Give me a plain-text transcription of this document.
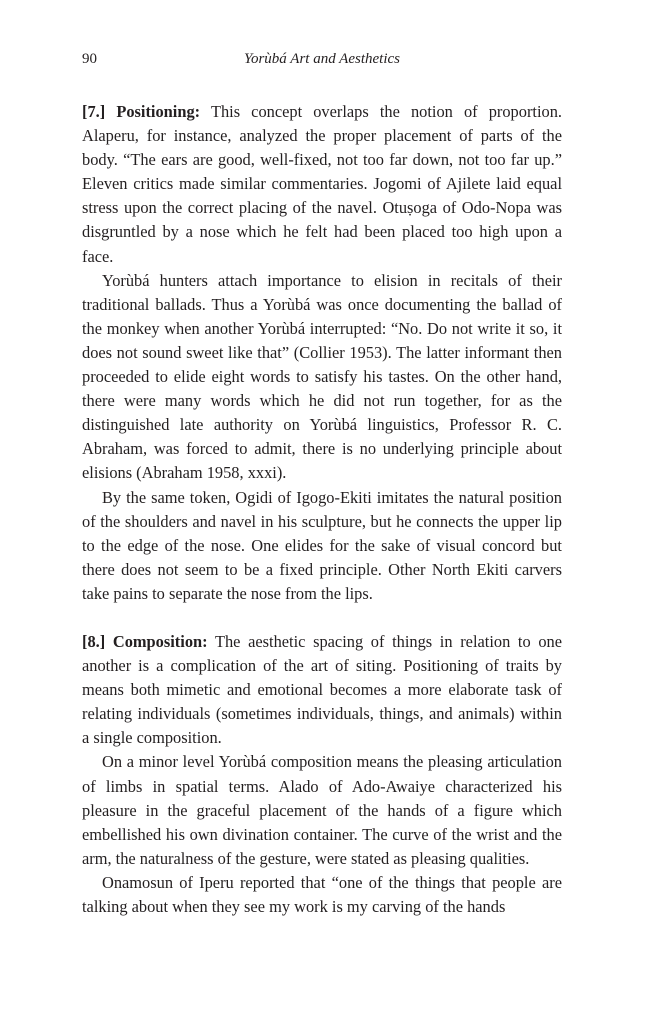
90	Yorùbá Art and Aesthetics

[7.] Positioning: This concept overlaps the notion of proportion. Alaperu, for instance, analyzed the proper placement of parts of the body. “The ears are good, well-fixed, not too far down, not too far up.” Eleven critics made similar commentaries. Jogomi of Ajilete laid equal stress upon the correct placing of the navel. Otuṣoga of Odo-Nopa was disgruntled by a nose which he felt had been placed too high upon a face.

Yorùbá hunters attach importance to elision in recitals of their traditional ballads. Thus a Yorùbá was once documenting the ballad of the monkey when another Yorùbá interrupted: “No. Do not write it so, it does not sound sweet like that” (Collier 1953). The latter informant then proceeded to elide eight words to satisfy his tastes. On the other hand, there were many words which he did not run together, for as the distinguished late authority on Yorùbá linguistics, Professor R. C. Abraham, was forced to admit, there is no underlying principle about elisions (Abraham 1958, xxxi).

By the same token, Ogidi of Igogo-Ekiti imitates the natural position of the shoulders and navel in his sculpture, but he connects the upper lip to the edge of the nose. One elides for the sake of visual concord but there does not seem to be a fixed principle. Other North Ekiti carvers take pains to separate the nose from the lips.

[8.] Composition: The aesthetic spacing of things in relation to one another is a complication of the art of siting. Positioning of traits by means both mimetic and emotional becomes a more elaborate task of relating individuals (sometimes individuals, things, and animals) within a single composition.

On a minor level Yorùbá composition means the pleasing articulation of limbs in spatial terms. Alado of Ado-Awaiye characterized his pleasure in the graceful placement of the hands of a figure which embellished his own divination container. The curve of the wrist and the arm, the naturalness of the gesture, were stated as pleasing qualities.

Onamosun of Iperu reported that “one of the things that people are talking about when they see my work is my carving of the hands
